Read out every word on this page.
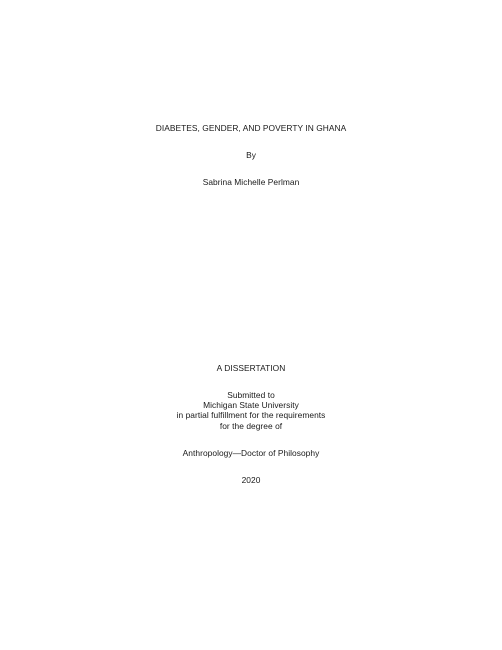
DIABETES, GENDER, AND POVERTY IN GHANA
By
Sabrina Michelle Perlman
A DISSERTATION
Submitted to
Michigan State University
in partial fulfillment for the requirements
for the degree of
Anthropology—Doctor of Philosophy
2020
